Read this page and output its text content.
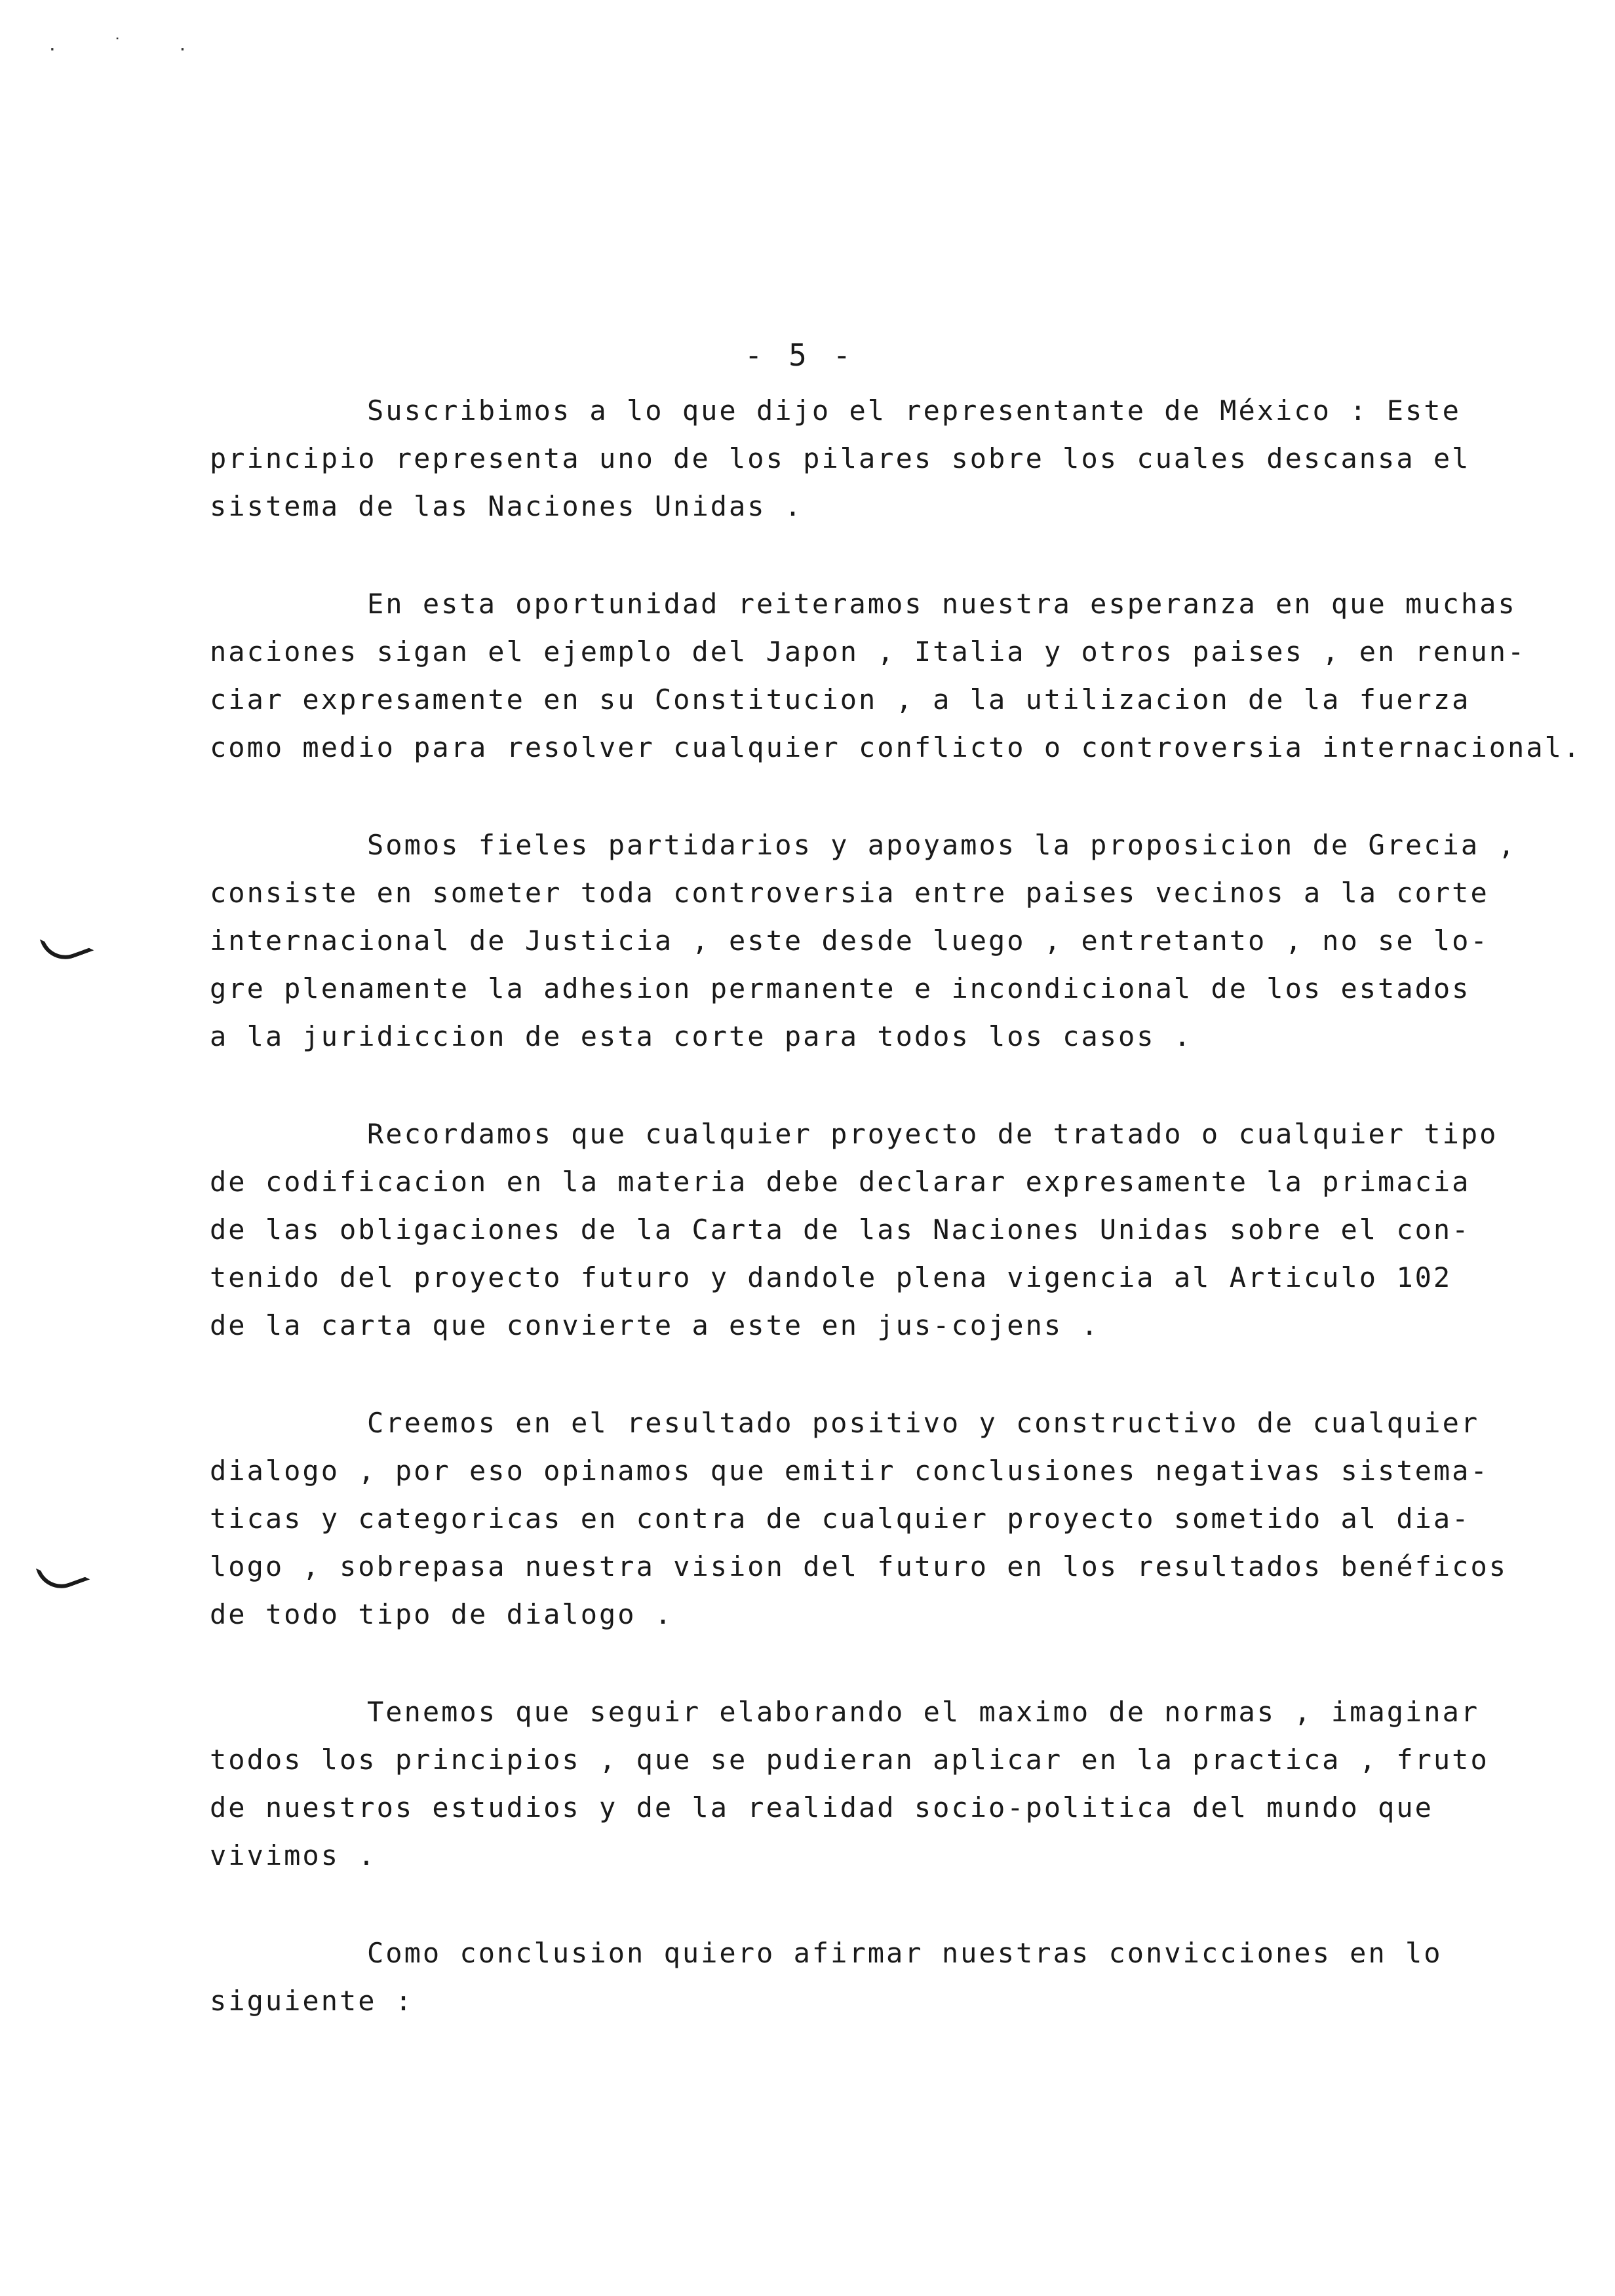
. ˙ .
- 5 -

Suscribimos a lo que dijo el representante de México : Este
principio representa uno de los pilares sobre los cuales descansa el
sistema de las Naciones Unidas .

En esta oportunidad reiteramos nuestra esperanza en que muchas
naciones sigan el ejemplo del Japon , Italia y otros paises , en renun-
ciar expresamente en su Constitucion , a la utilizacion de la fuerza
como medio para resolver cualquier conflicto o controversia internacional.

Somos fieles partidarios y apoyamos la proposicion de Grecia ,
consiste en someter toda controversia entre paises vecinos a la corte
internacional de Justicia , este desde luego , entretanto , no se lo-
gre plenamente la adhesion permanente e incondicional de los estados
a la juridiccion de esta corte para todos los casos .

Recordamos que cualquier proyecto de tratado o cualquier tipo
de codificacion en la materia debe declarar expresamente la primacia
de las obligaciones de la Carta de las Naciones Unidas sobre el con-
tenido del proyecto futuro y dandole plena vigencia al Articulo 102
de la carta que convierte a este en jus-cojens .

Creemos en el resultado positivo y constructivo de cualquier
dialogo , por eso opinamos que emitir conclusiones negativas sistema-
ticas y categoricas en contra de cualquier proyecto sometido al dia-
logo , sobrepasa nuestra vision del futuro en los resultados benéficos
de todo tipo de dialogo .

Tenemos que seguir elaborando el maximo de normas , imaginar
todos los principios , que se pudieran aplicar en la practica , fruto
de nuestros estudios y de la realidad socio-politica del mundo que
vivimos .

Como conclusion quiero afirmar nuestras convicciones en lo
siguiente :
